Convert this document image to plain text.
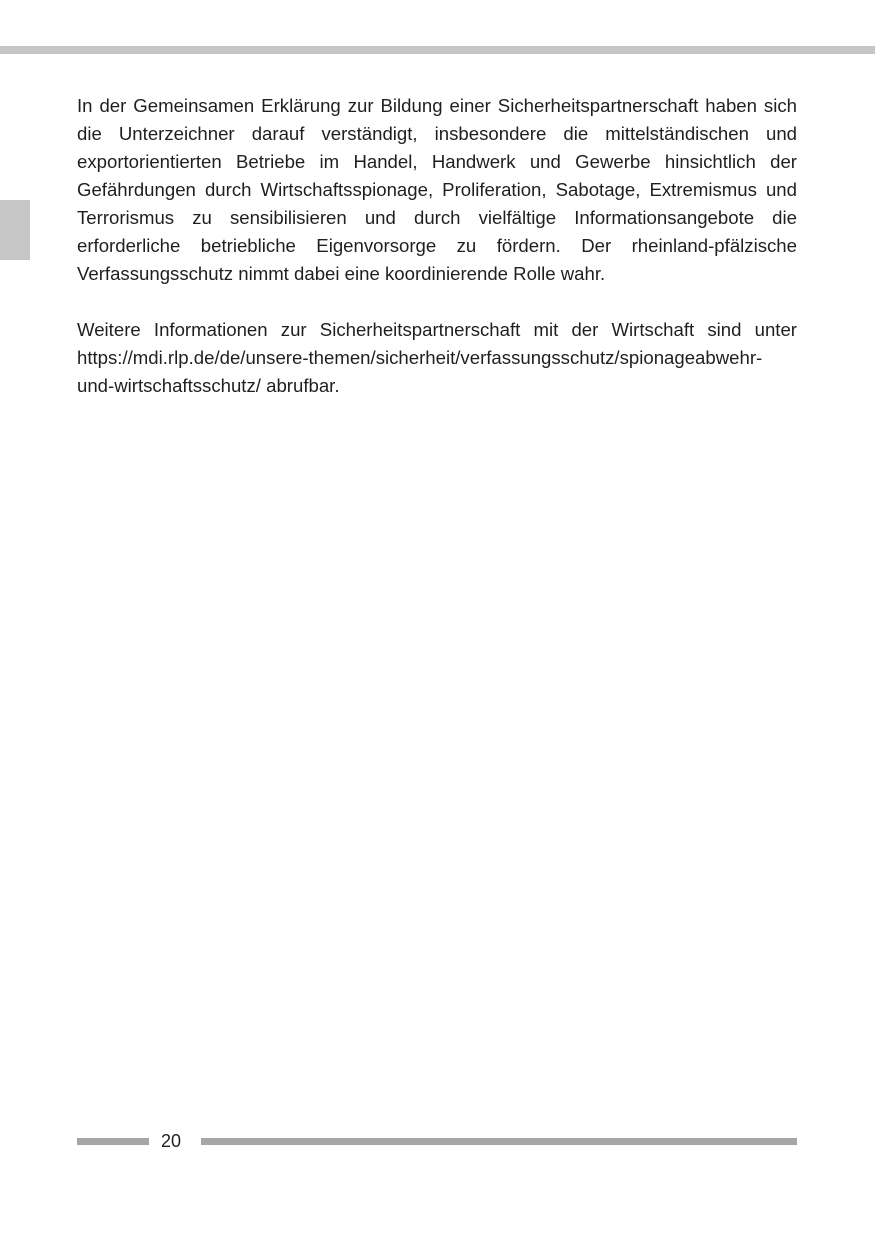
In der Gemeinsamen Erklärung zur Bildung einer Sicherheitspartnerschaft haben sich die Unterzeichner darauf verständigt, insbesondere die mittelständischen und exportorientierten Betriebe im Handel, Handwerk und Gewerbe hinsichtlich der Gefährdungen durch Wirtschaftsspionage, Proliferation, Sabotage, Extremismus und Terrorismus zu sensibilisieren und durch vielfältige Informationsangebote die erforderliche betriebliche Eigenvorsorge zu fördern. Der rheinland-pfälzische Verfassungsschutz nimmt dabei eine koordinierende Rolle wahr.

Weitere Informationen zur Sicherheitspartnerschaft mit der Wirtschaft sind unter https://mdi.rlp.de/de/unsere-themen/sicherheit/verfassungsschutz/spionageabwehr-und-wirtschaftsschutz/ abrufbar.

20
